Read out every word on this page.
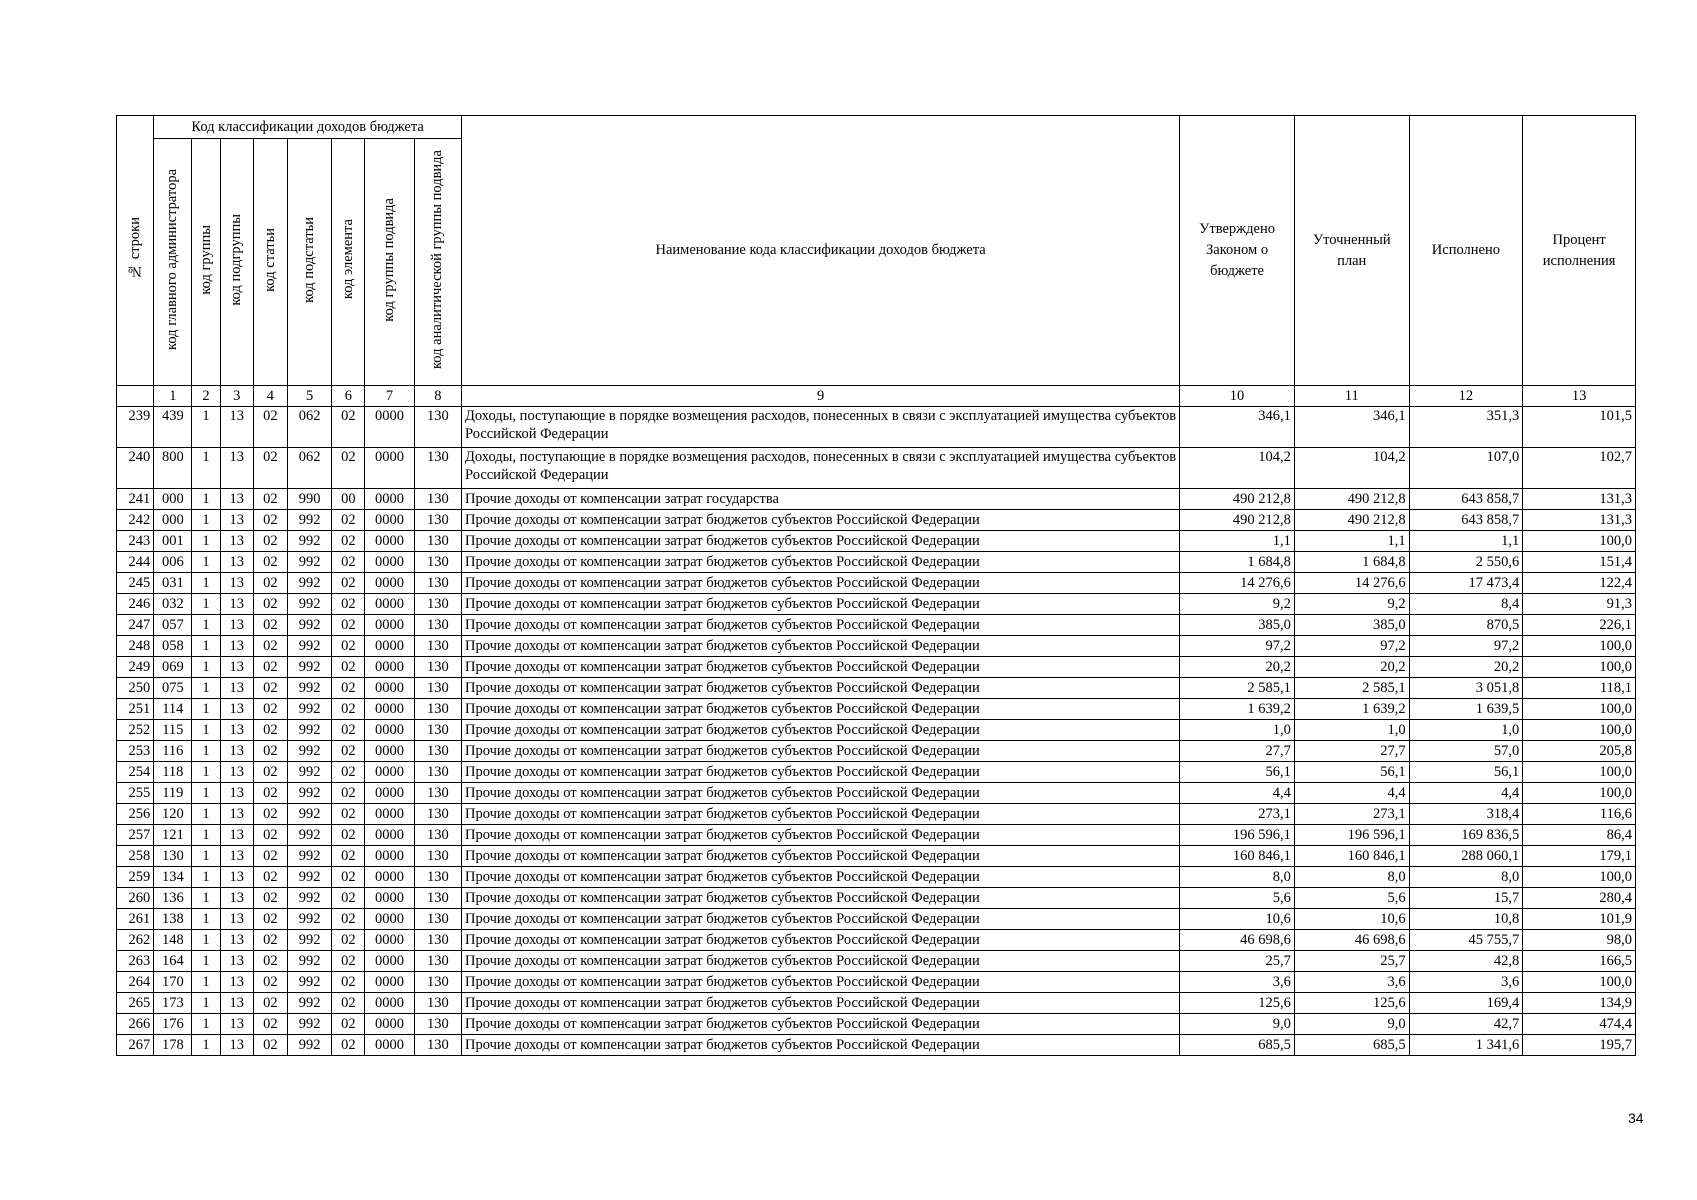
№ строки	Код классификации доходов бюджета								Наименование кода классификации доходов бюджета	Утверждено Законом о бюджете	Уточненный план	Исполнено	Процент исполнения
	код главного администратора	код группы	код подгруппы	код статьи	код подстатьи	код элемента	код группы подвида	код аналитической группы подвида					
	1	2	3	4	5	6	7	8	9	10	11	12	13
239	439	1	13	02	062	02	0000	130	Доходы, поступающие в порядке возмещения расходов, понесенных в связи с эксплуатацией имущества субъектов Российской Федерации	346,1	346,1	351,3	101,5
240	800	1	13	02	062	02	0000	130	Доходы, поступающие в порядке возмещения расходов, понесенных в связи с эксплуатацией имущества субъектов Российской Федерации	104,2	104,2	107,0	102,7
241	000	1	13	02	990	00	0000	130	Прочие доходы от компенсации затрат государства	490 212,8	490 212,8	643 858,7	131,3
242	000	1	13	02	992	02	0000	130	Прочие доходы от компенсации затрат бюджетов субъектов Российской Федерации	490 212,8	490 212,8	643 858,7	131,3
243	001	1	13	02	992	02	0000	130	Прочие доходы от компенсации затрат бюджетов субъектов Российской Федерации	1,1	1,1	1,1	100,0
244	006	1	13	02	992	02	0000	130	Прочие доходы от компенсации затрат бюджетов субъектов Российской Федерации	1 684,8	1 684,8	2 550,6	151,4
245	031	1	13	02	992	02	0000	130	Прочие доходы от компенсации затрат бюджетов субъектов Российской Федерации	14 276,6	14 276,6	17 473,4	122,4
246	032	1	13	02	992	02	0000	130	Прочие доходы от компенсации затрат бюджетов субъектов Российской Федерации	9,2	9,2	8,4	91,3
247	057	1	13	02	992	02	0000	130	Прочие доходы от компенсации затрат бюджетов субъектов Российской Федерации	385,0	385,0	870,5	226,1
248	058	1	13	02	992	02	0000	130	Прочие доходы от компенсации затрат бюджетов субъектов Российской Федерации	97,2	97,2	97,2	100,0
249	069	1	13	02	992	02	0000	130	Прочие доходы от компенсации затрат бюджетов субъектов Российской Федерации	20,2	20,2	20,2	100,0
250	075	1	13	02	992	02	0000	130	Прочие доходы от компенсации затрат бюджетов субъектов Российской Федерации	2 585,1	2 585,1	3 051,8	118,1
251	114	1	13	02	992	02	0000	130	Прочие доходы от компенсации затрат бюджетов субъектов Российской Федерации	1 639,2	1 639,2	1 639,5	100,0
252	115	1	13	02	992	02	0000	130	Прочие доходы от компенсации затрат бюджетов субъектов Российской Федерации	1,0	1,0	1,0	100,0
253	116	1	13	02	992	02	0000	130	Прочие доходы от компенсации затрат бюджетов субъектов Российской Федерации	27,7	27,7	57,0	205,8
254	118	1	13	02	992	02	0000	130	Прочие доходы от компенсации затрат бюджетов субъектов Российской Федерации	56,1	56,1	56,1	100,0
255	119	1	13	02	992	02	0000	130	Прочие доходы от компенсации затрат бюджетов субъектов Российской Федерации	4,4	4,4	4,4	100,0
256	120	1	13	02	992	02	0000	130	Прочие доходы от компенсации затрат бюджетов субъектов Российской Федерации	273,1	273,1	318,4	116,6
257	121	1	13	02	992	02	0000	130	Прочие доходы от компенсации затрат бюджетов субъектов Российской Федерации	196 596,1	196 596,1	169 836,5	86,4
258	130	1	13	02	992	02	0000	130	Прочие доходы от компенсации затрат бюджетов субъектов Российской Федерации	160 846,1	160 846,1	288 060,1	179,1
259	134	1	13	02	992	02	0000	130	Прочие доходы от компенсации затрат бюджетов субъектов Российской Федерации	8,0	8,0	8,0	100,0
260	136	1	13	02	992	02	0000	130	Прочие доходы от компенсации затрат бюджетов субъектов Российской Федерации	5,6	5,6	15,7	280,4
261	138	1	13	02	992	02	0000	130	Прочие доходы от компенсации затрат бюджетов субъектов Российской Федерации	10,6	10,6	10,8	101,9
262	148	1	13	02	992	02	0000	130	Прочие доходы от компенсации затрат бюджетов субъектов Российской Федерации	46 698,6	46 698,6	45 755,7	98,0
263	164	1	13	02	992	02	0000	130	Прочие доходы от компенсации затрат бюджетов субъектов Российской Федерации	25,7	25,7	42,8	166,5
264	170	1	13	02	992	02	0000	130	Прочие доходы от компенсации затрат бюджетов субъектов Российской Федерации	3,6	3,6	3,6	100,0
265	173	1	13	02	992	02	0000	130	Прочие доходы от компенсации затрат бюджетов субъектов Российской Федерации	125,6	125,6	169,4	134,9
266	176	1	13	02	992	02	0000	130	Прочие доходы от компенсации затрат бюджетов субъектов Российской Федерации	9,0	9,0	42,7	474,4
267	178	1	13	02	992	02	0000	130	Прочие доходы от компенсации затрат бюджетов субъектов Российской Федерации	685,5	685,5	1 341,6	195,7
34
